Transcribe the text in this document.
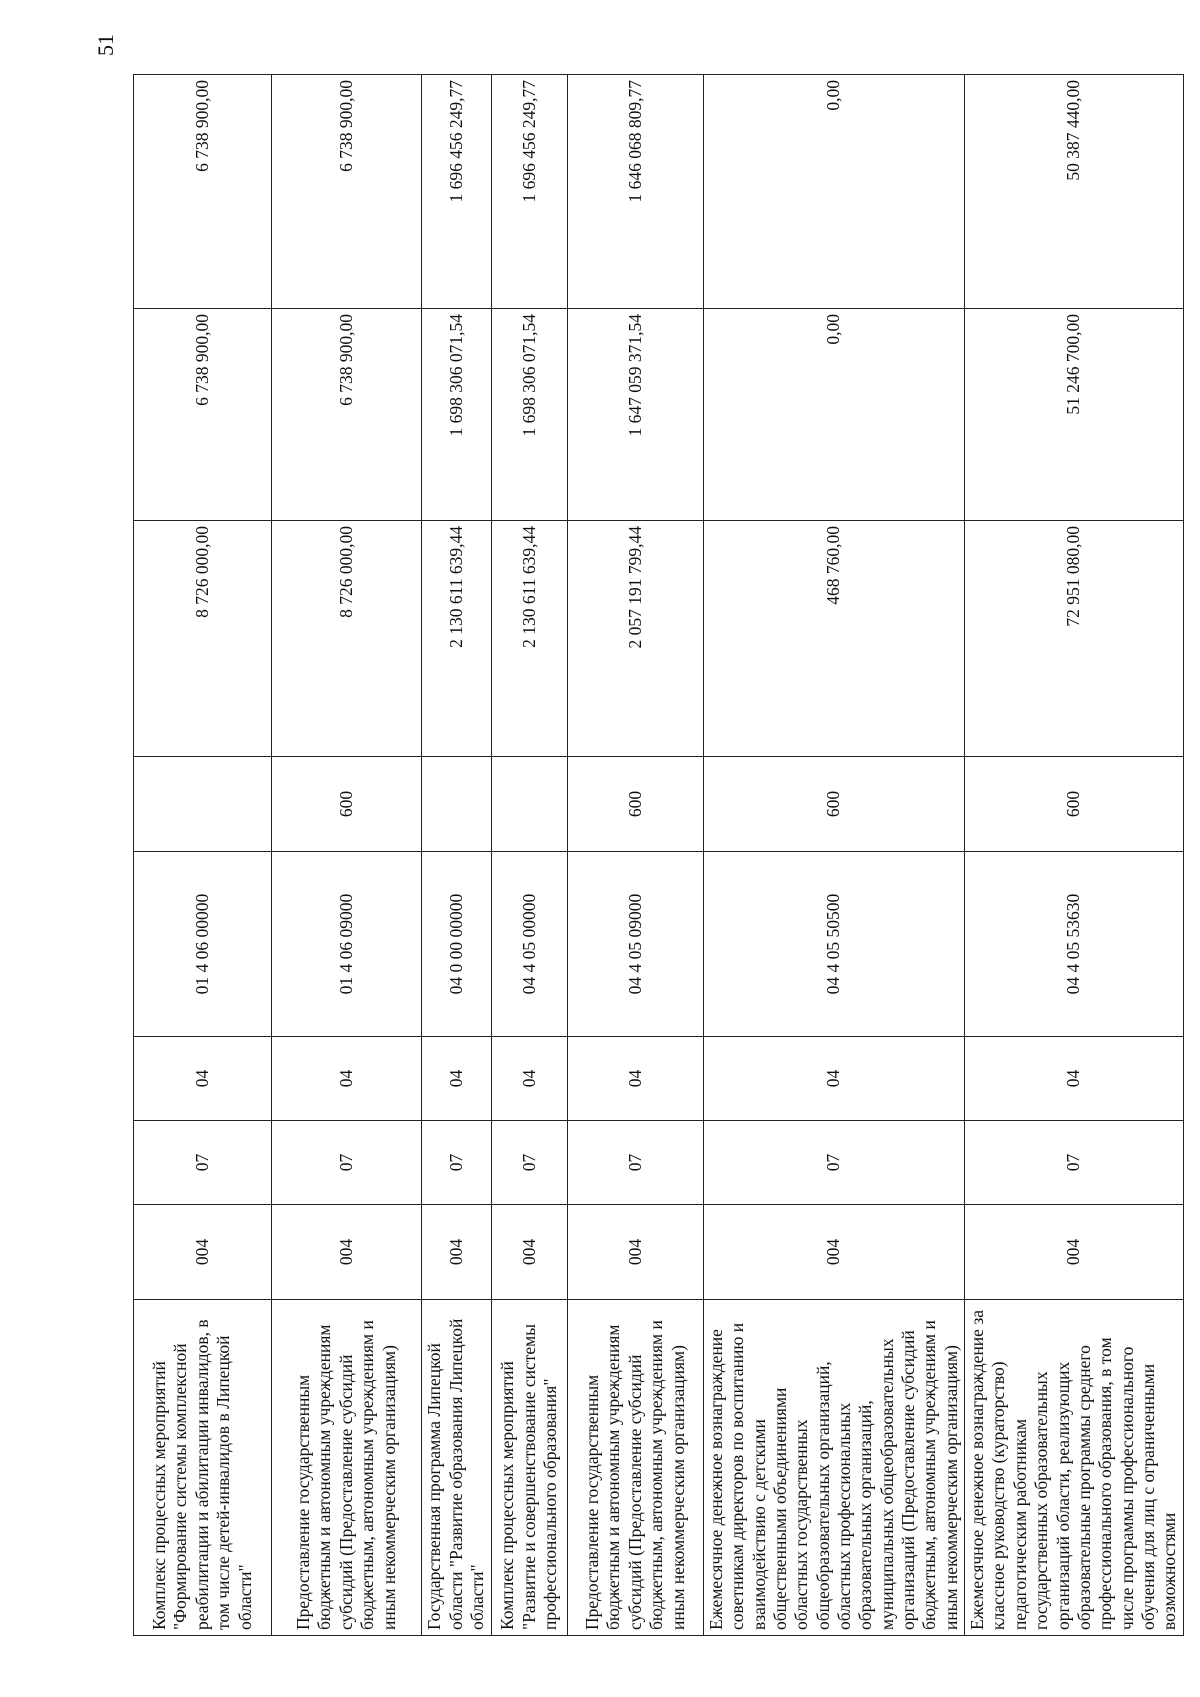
51
Комплекс процессных мероприятий "Формирование системы комплексной реабилитации и абилитации инвалидов, в том числе детей-инвалидов в Липецкой области"	004	07	04	01 4 06 00000		8 726 000,00	6 738 900,00	6 738 900,00
Предоставление государственным бюджетным и автономным учреждениям субсидий (Предоставление субсидий бюджетным, автономным учреждениям и иным некоммерческим организациям)	004	07	04	01 4 06 09000	600	8 726 000,00	6 738 900,00	6 738 900,00
Государственная программа Липецкой области "Развитие образования Липецкой области"	004	07	04	04 0 00 00000		2 130 611 639,44	1 698 306 071,54	1 696 456 249,77
Комплекс процессных мероприятий "Развитие и совершенствование системы профессионального образования"	004	07	04	04 4 05 00000		2 130 611 639,44	1 698 306 071,54	1 696 456 249,77
Предоставление государственным бюджетным и автономным учреждениям субсидий (Предоставление субсидий бюджетным, автономным учреждениям и иным некоммерческим организациям)	004	07	04	04 4 05 09000	600	2 057 191 799,44	1 647 059 371,54	1 646 068 809,77
Ежемесячное денежное вознаграждение советникам директоров по воспитанию и взаимодействию с детскими общественными объединениями областных государственных общеобразовательных организаций, областных профессиональных образовательных организаций, муниципальных общеобразовательных организаций (Предоставление субсидий бюджетным, автономным учреждениям и иным некоммерческим организациям)	004	07	04	04 4 05 50500	600	468 760,00	0,00	0,00
Ежемесячное денежное вознаграждение за классное руководство (кураторство) педагогическим работникам государственных образовательных организаций области, реализующих образовательные программы среднего профессионального образования, в том числе программы профессионального обучения для лиц с ограниченными возможностями	004	07	04	04 4 05 53630	600	72 951 080,00	51 246 700,00	50 387 440,00
